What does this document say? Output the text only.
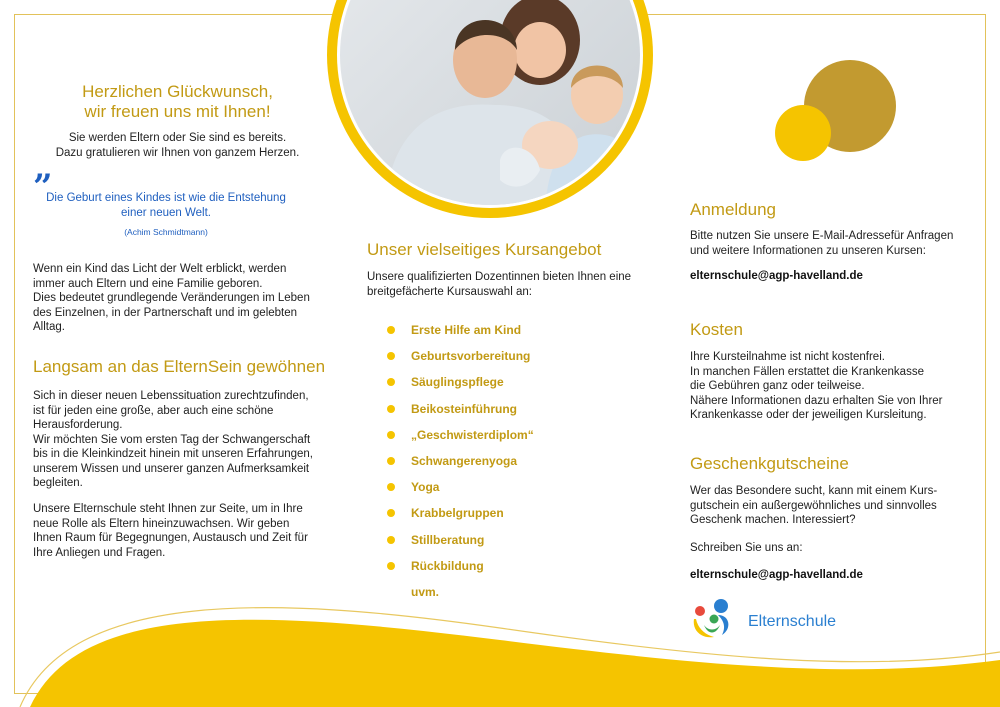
Herzlichen Glückwunsch,
wir freuen uns mit Ihnen!
Sie werden Eltern oder Sie sind es bereits.
Dazu gratulieren wir Ihnen von ganzem Herzen.
”
Die Geburt eines Kindes ist wie die Entstehung
einer neuen Welt.
(Achim Schmidtmann)
Wenn ein Kind das Licht der Welt erblickt, werden
immer auch Eltern und eine Familie geboren.
Dies bedeutet grundlegende Veränderungen im Leben
des Einzelnen, in der Partnerschaft und im gelebten
Alltag.
Langsam an das ElternSein gewöhnen
Sich in dieser neuen Lebenssituation zurechtzufinden,
ist für jeden eine große, aber auch eine schöne
Herausforderung.
Wir möchten Sie vom ersten Tag der Schwangerschaft
bis in die Kleinkindzeit hinein mit unseren Erfahrungen,
unserem Wissen und unserer ganzen Aufmerksamkeit
begleiten.
Unsere Elternschule steht Ihnen zur Seite, um in Ihre
neue Rolle als Eltern hineinzuwachsen. Wir geben
Ihnen Raum für Begegnungen, Austausch und Zeit für
Ihre Anliegen und Fragen.
Unser vielseitiges Kursangebot
Unsere qualifizierten Dozentinnen bieten Ihnen eine
breitgefächerte Kursauswahl an:
Erste Hilfe am Kind
Geburtsvorbereitung
Säuglingspflege
Beikosteinführung
„Geschwisterdiplom“
Schwangerenyoga
Yoga
Krabbelgruppen
Stillberatung
Rückbildung
uvm.
Anmeldung
Bitte nutzen Sie unsere E-Mail-Adressefür Anfragen
und weitere Informationen zu unseren Kursen:
elternschule@agp-havelland.de
Kosten
Ihre Kursteilnahme ist nicht kostenfrei.
In manchen Fällen erstattet die Krankenkasse
die Gebühren ganz oder teilweise.
Nähere Informationen dazu erhalten Sie von Ihrer
Krankenkasse oder der jeweiligen Kursleitung.
Geschenkgutscheine
Wer das Besondere sucht, kann mit einem Kurs-
gutschein ein außergewöhnliches und sinnvolles
Geschenk machen. Interessiert?
Schreiben Sie uns an:
elternschule@agp-havelland.de
Elternschule
